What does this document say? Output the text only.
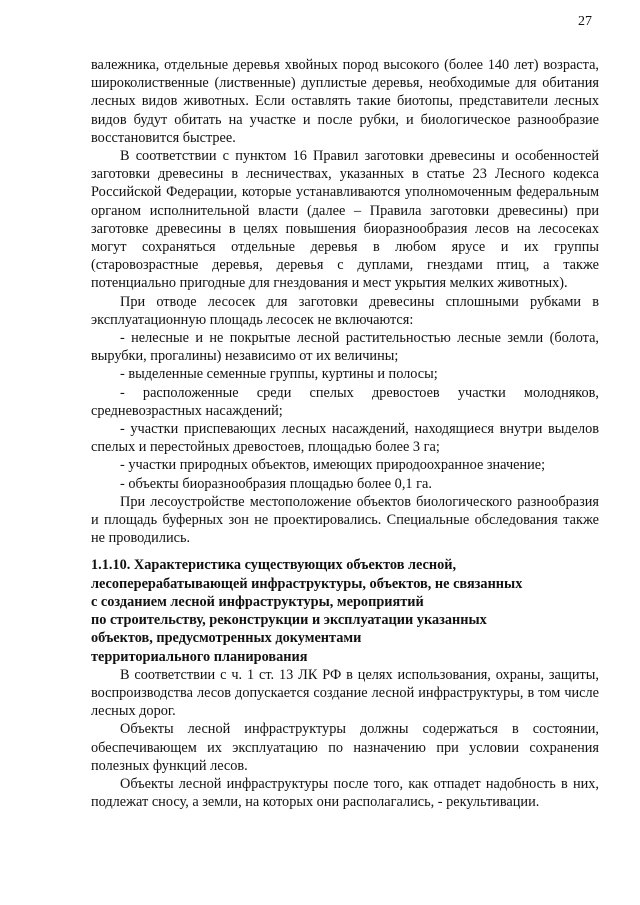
27

валежника, отдельные деревья хвойных пород высокого (более 140 лет) возраста, широколиственные (лиственные) дуплистые деревья, необходимые для обитания лесных видов животных. Если оставлять такие биотопы, представители лесных видов будут обитать на участке и после рубки, и биологическое разнообразие восстановится быстрее.

В соответствии с пунктом 16 Правил заготовки древесины и особенностей заготовки древесины в лесничествах, указанных в статье 23 Лесного кодекса Российской Федерации, которые устанавливаются уполномоченным федеральным органом исполнительной власти (далее – Правила заготовки древесины) при заготовке древесины в целях повышения биоразнообразия лесов на лесосеках могут сохраняться отдельные деревья в любом ярусе и их группы (старовозрастные деревья, деревья с дуплами, гнездами птиц, а также потенциально пригодные для гнездования и мест укрытия мелких животных).

При отводе лесосек для заготовки древесины сплошными рубками в эксплуатационную площадь лесосек не включаются:

- нелесные и не покрытые лесной растительностью лесные земли (болота, вырубки, прогалины) независимо от их величины;

- выделенные семенные группы, куртины и полосы;

- расположенные среди спелых древостоев участки молодняков, средневозрастных насаждений;

- участки приспевающих лесных насаждений, находящиеся внутри выделов спелых и перестойных древостоев, площадью более 3 га;

- участки природных объектов, имеющих природоохранное значение;

- объекты биоразнообразия площадью более 0,1 га.

При лесоустройстве местоположение объектов биологического разнообразия и площадь буферных зон не проектировались. Специальные обследования также не проводились.

1.1.10. Характеристика существующих объектов лесной,

лесоперерабатывающей инфраструктуры, объектов, не связанных

с созданием лесной инфраструктуры, мероприятий

по строительству, реконструкции и эксплуатации указанных

объектов, предусмотренных документами

территориального планирования

В соответствии с ч. 1 ст. 13 ЛК РФ в целях использования, охраны, защиты, воспроизводства лесов допускается создание лесной инфраструктуры, в том числе лесных дорог.

Объекты лесной инфраструктуры должны содержаться в состоянии, обеспечивающем их эксплуатацию по назначению при условии сохранения полезных функций лесов.

Объекты лесной инфраструктуры после того, как отпадет надобность в них, подлежат сносу, а земли, на которых они располагались, - рекультивации.
